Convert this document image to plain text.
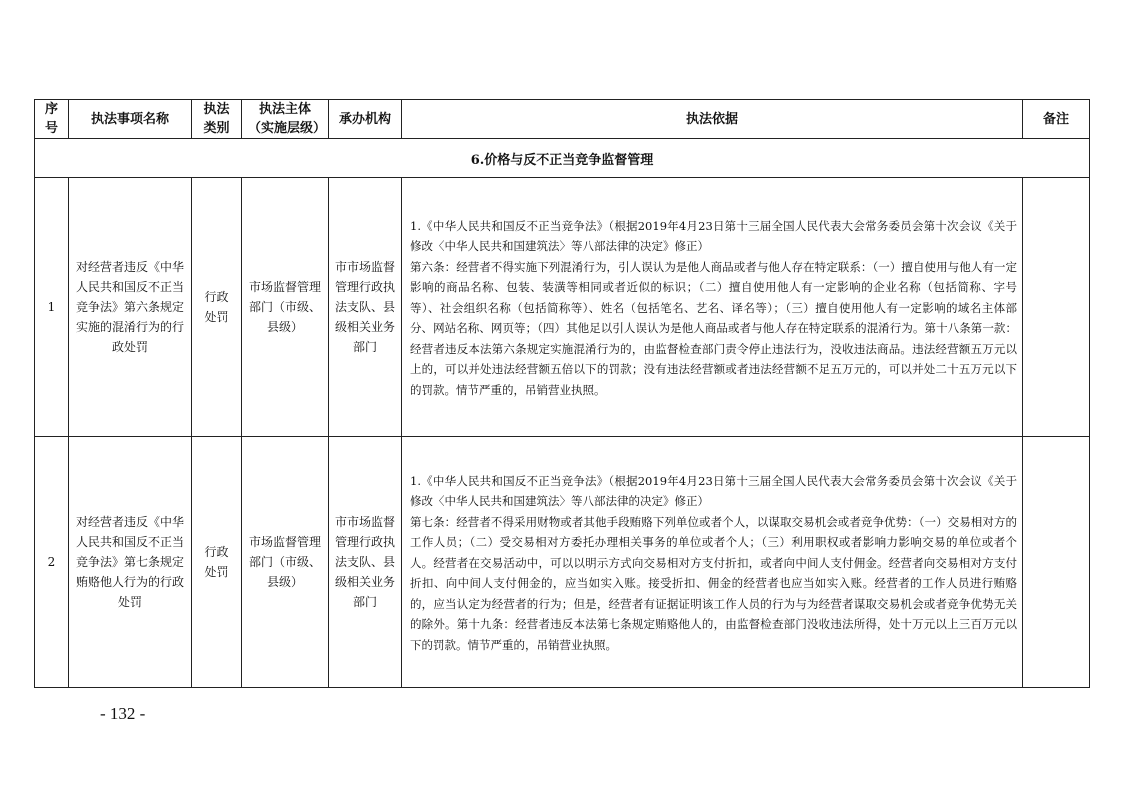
序号	执法事项名称	执法类别	执法主体（实施层级）	承办机构	执法依据	备注
6.价格与反不正当竞争监督管理						
1	对经营者违反《中华人民共和国反不正当竞争法》第六条规定实施的混淆行为的行政处罚	行政处罚	市场监督管理部门（市级、县级）	市市场监督管理行政执法支队、县级相关业务部门	1.《中华人民共和国反不正当竞争法》（根据2019年4月23日第十三届全国人民代表大会常务委员会第十次会议《关于修改〈中华人民共和国建筑法〉等八部法律的决定》修正）
第六条：经营者不得实施下列混淆行为，引人误认为是他人商品或者与他人存在特定联系：（一）擅自使用与他人有一定影响的商品名称、包装、装潢等相同或者近似的标识；（二）擅自使用他人有一定影响的企业名称（包括简称、字号等）、社会组织名称（包括简称等）、姓名（包括笔名、艺名、译名等）；（三）擅自使用他人有一定影响的域名主体部分、网站名称、网页等；（四）其他足以引人误认为是他人商品或者与他人存在特定联系的混淆行为。第十八条第一款：经营者违反本法第六条规定实施混淆行为的，由监督检查部门责令停止违法行为，没收违法商品。违法经营额五万元以上的，可以并处违法经营额五倍以下的罚款；没有违法经营额或者违法经营额不足五万元的，可以并处二十五万元以下的罚款。情节严重的，吊销营业执照。	

2	对经营者违反《中华人民共和国反不正当竞争法》第七条规定贿赂他人行为的行政处罚	行政处罚	市场监督管理部门（市级、县级）	市市场监督管理行政执法支队、县级相关业务部门	1.《中华人民共和国反不正当竞争法》（根据2019年4月23日第十三届全国人民代表大会常务委员会第十次会议《关于修改〈中华人民共和国建筑法〉等八部法律的决定》修正）
第七条：经营者不得采用财物或者其他手段贿赂下列单位或者个人，以谋取交易机会或者竞争优势：（一）交易相对方的工作人员；（二）受交易相对方委托办理相关事务的单位或者个人；（三）利用职权或者影响力影响交易的单位或者个人。经营者在交易活动中，可以以明示方式向交易相对方支付折扣，或者向中间人支付佣金。经营者向交易相对方支付折扣、向中间人支付佣金的，应当如实入账。接受折扣、佣金的经营者也应当如实入账。经营者的工作人员进行贿赂的，应当认定为经营者的行为；但是，经营者有证据证明该工作人员的行为与为经营者谋取交易机会或者竞争优势无关的除外。第十九条：经营者违反本法第七条规定贿赂他人的，由监督检查部门没收违法所得，处十万元以上三百万元以下的罚款。情节严重的，吊销营业执照。	

- 132 -
